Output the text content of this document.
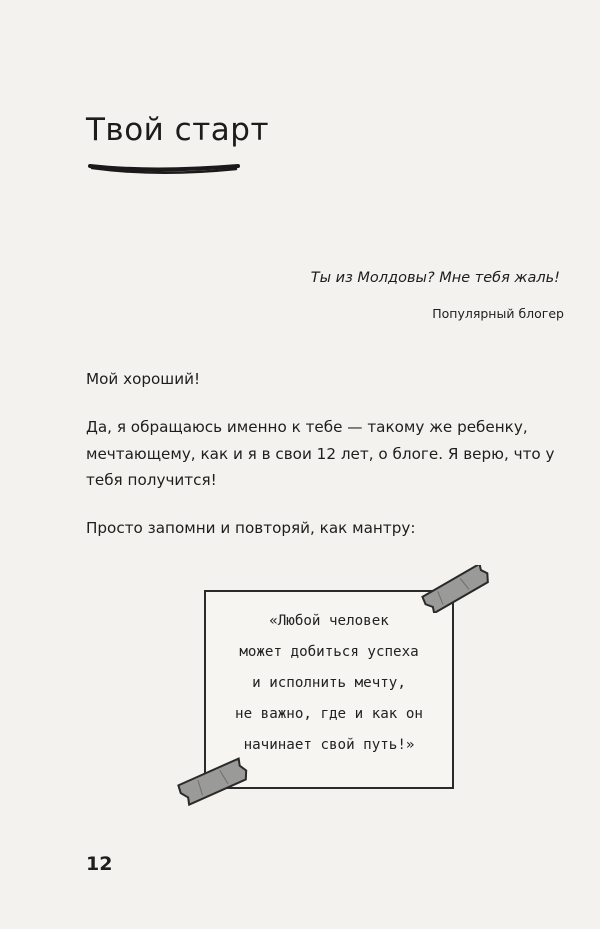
Твой старт

Ты из Молдовы? Мне тебя жаль!

Популярный блогер

Мой хороший!

Да, я обращаюсь именно к тебе — такому же ребенку, мечтающему, как и я в свои 12 лет, о блоге. Я верю, что у тебя получится!

Просто запомни и повторяй, как мантру:

«Любой человек
может добиться успеха
и исполнить мечту,
не важно, где и как он
начинает свой путь!»

12
